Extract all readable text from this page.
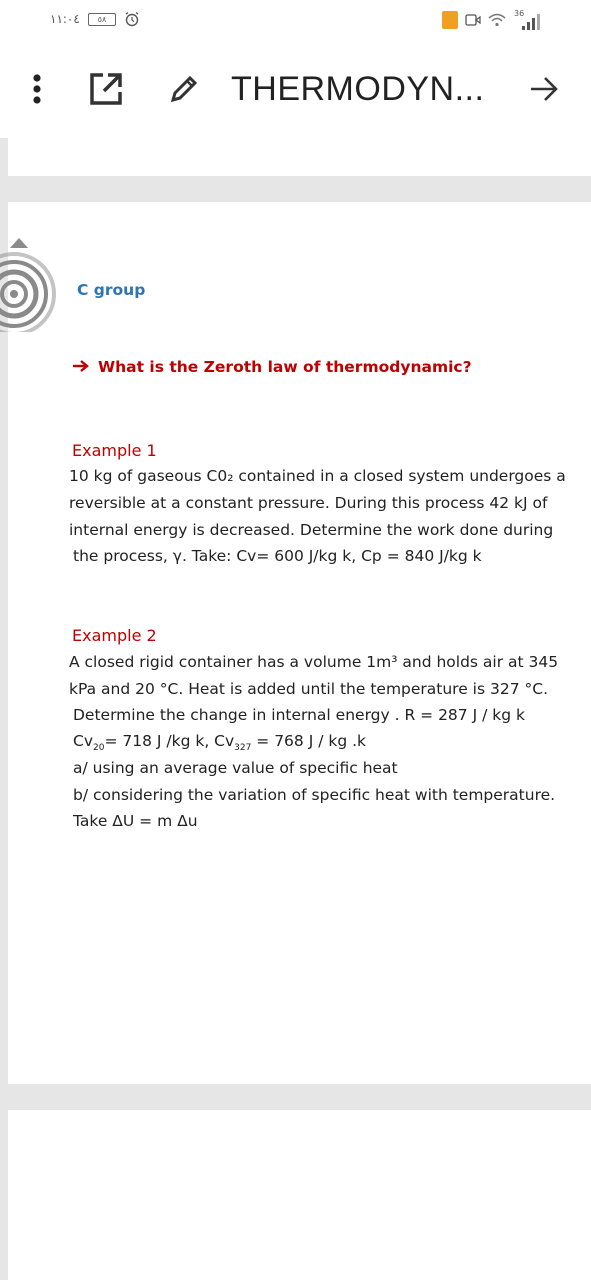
١١:٠٤	٥٨
36
THERMODYN...
C group
What is the Zeroth law of thermodynamic?
Example 1
10 kg of gaseous C0₂ contained in a closed system undergoes a
reversible at a constant pressure. During this process 42 kJ of
internal energy is decreased. Determine the work done during
the process, γ. Take: Cv= 600 J/kg k, Cp = 840 J/kg k
Example 2
A closed rigid container has a volume 1m³ and holds air at 345
kPa and 20 °C. Heat is added until the temperature is 327 °C.
Determine the change in internal energy . R = 287 J / kg k
$Cv_{20}= 718$ J /kg k, $Cv_{327} = 768$ J / kg .k
a/ using an average value of specific heat
b/ considering the variation of specific heat with temperature.
Take ΔU = m Δu
